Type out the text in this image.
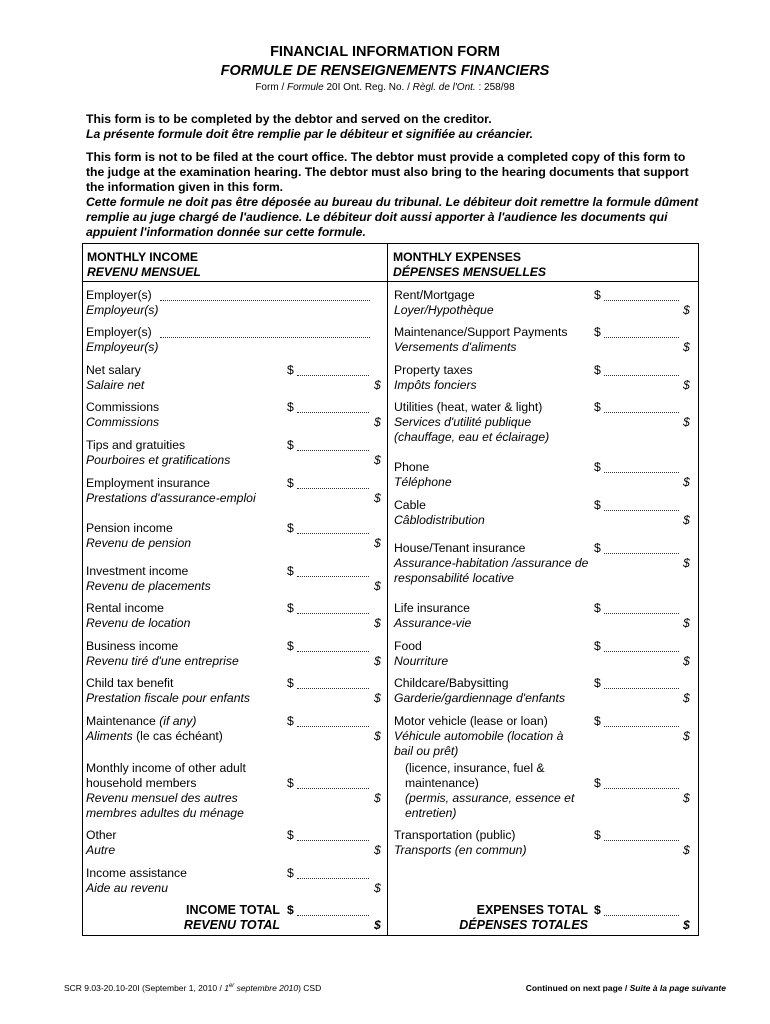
FINANCIAL INFORMATION FORM
FORMULE DE RENSEIGNEMENTS FINANCIERS
Form / Formule 20I Ont. Reg. No. / Règl. de l'Ont. : 258/98
This form is to be completed by the debtor and served on the creditor.
La présente formule doit être remplie par le débiteur et signifiée au créancier.
This form is not to be filed at the court office. The debtor must provide a completed copy of this form to the judge at the examination hearing. The debtor must also bring to the hearing documents that support the information given in this form.
Cette formule ne doit pas être déposée au bureau du tribunal. Le débiteur doit remettre la formule dûment remplie au juge chargé de l'audience. Le débiteur doit aussi apporter à l'audience les documents qui appuient l'information donnée sur cette formule.
MONTHLY INCOME
REVENU MENSUEL
MONTHLY EXPENSES
DÉPENSES MENSUELLES
Employer(s)
Employeur(s)
Employer(s)
Employeur(s)
Net salary
Salaire net
$
$
Commissions
Commissions
$
$
Tips and gratuities
Pourboires et gratifications
$
$
Employment insurance
Prestations d'assurance-emploi
$
$
Pension income
Revenu de pension
$
$
Investment income
Revenu de placements
$
$
Rental income
Revenu de location
$
$
Business income
Revenu tiré d'une entreprise
$
$
Child tax benefit
Prestation fiscale pour enfants
$
$
Maintenance (if any)
Aliments (le cas échéant)
$
$
Monthly income of other adult
household members
Revenu mensuel des autres
membres adultes du ménage
$
$
Other
Autre
$
$
Income assistance
Aide au revenu
$
$
INCOME TOTAL
REVENU TOTAL
$
$
Rent/Mortgage
Loyer/Hypothèque
$
$
Maintenance/Support Payments
Versements d'aliments
$
$
Property taxes
Impôts fonciers
$
$
Utilities (heat, water & light)
Services d'utilité publique
(chauffage, eau et éclairage)
$
$
Phone
Téléphone
$
$
Cable
Câblodistribution
$
$
House/Tenant insurance
Assurance-habitation /assurance de
responsabilité locative
$
$
Life insurance
Assurance-vie
$
$
Food
Nourriture
$
$
Childcare/Babysitting
Garderie/gardiennage d'enfants
$
$
Motor vehicle (lease or loan)
Véhicule automobile (location à
bail ou prêt)
$
$
(licence, insurance, fuel &
maintenance)
(permis, assurance, essence et
entretien)
$
$
Transportation (public)
Transports (en commun)
$
$
EXPENSES TOTAL
DÉPENSES TOTALES
$
$
SCR 9.03-20.10-20I (September 1, 2010 / 1er septembre 2010) CSD	Continued on next page / Suite à la page suivante
